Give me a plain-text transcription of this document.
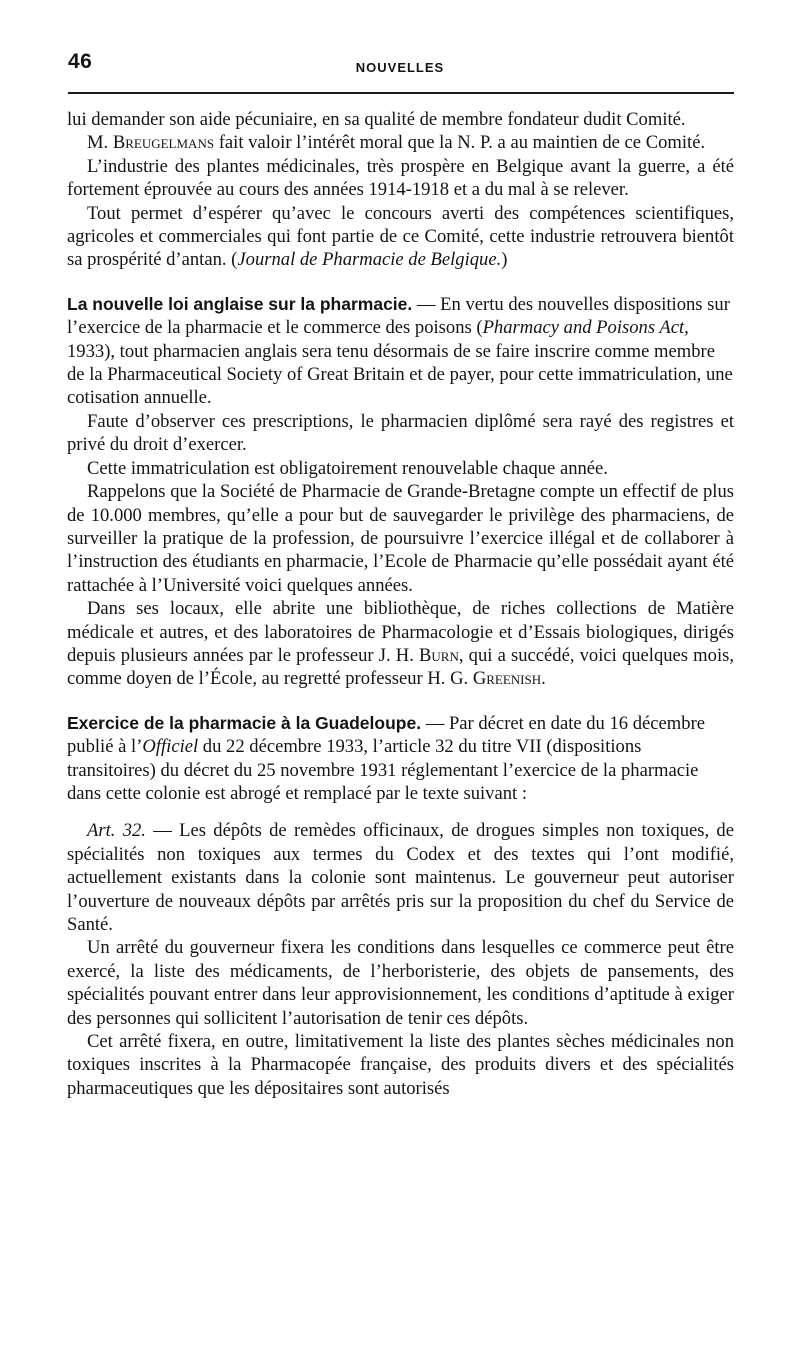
46	NOUVELLES

lui demander son aide pécuniaire, en sa qualité de membre fondateur dudit Comité.

M. Breugelmans fait valoir l’intérêt moral que la N. P. a au maintien de ce Comité.

L’industrie des plantes médicinales, très prospère en Belgique avant la guerre, a été fortement éprouvée au cours des années 1914-1918 et a du mal à se relever.

Tout permet d’espérer qu’avec le concours averti des compétences scientifiques, agricoles et commerciales qui font partie de ce Comité, cette industrie retrouvera bientôt sa prospérité d’antan. (Journal de Pharmacie de Belgique.)

La nouvelle loi anglaise sur la pharmacie. — En vertu des nouvelles dispositions sur l’exercice de la pharmacie et le commerce des poisons (Pharmacy and Poisons Act, 1933), tout pharmacien anglais sera tenu désormais de se faire inscrire comme membre de la Pharmaceutical Society of Great Britain et de payer, pour cette immatriculation, une cotisation annuelle.

Faute d’observer ces prescriptions, le pharmacien diplômé sera rayé des registres et privé du droit d’exercer.

Cette immatriculation est obligatoirement renouvelable chaque année.

Rappelons que la Société de Pharmacie de Grande-Bretagne compte un effectif de plus de 10.000 membres, qu’elle a pour but de sauvegarder le privilège des pharmaciens, de surveiller la pratique de la profession, de poursuivre l’exercice illégal et de collaborer à l’instruction des étudiants en pharmacie, l’Ecole de Pharmacie qu’elle possédait ayant été rattachée à l’Université voici quelques années.

Dans ses locaux, elle abrite une bibliothèque, de riches collections de Matière médicale et autres, et des laboratoires de Pharmacologie et d’Essais biologiques, dirigés depuis plusieurs années par le professeur J. H. Burn, qui a succédé, voici quelques mois, comme doyen de l’École, au regretté professeur H. G. Greenish.

Exercice de la pharmacie à la Guadeloupe. — Par décret en date du 16 décembre publié à l’Officiel du 22 décembre 1933, l’article 32 du titre VII (dispositions transitoires) du décret du 25 novembre 1931 réglementant l’exercice de la pharmacie dans cette colonie est abrogé et remplacé par le texte suivant :

Art. 32. — Les dépôts de remèdes officinaux, de drogues simples non toxiques, de spécialités non toxiques aux termes du Codex et des textes qui l’ont modifié, actuellement existants dans la colonie sont maintenus. Le gouverneur peut autoriser l’ouverture de nouveaux dépôts par arrêtés pris sur la proposition du chef du Service de Santé.

Un arrêté du gouverneur fixera les conditions dans lesquelles ce commerce peut être exercé, la liste des médicaments, de l’herboristerie, des objets de pansements, des spécialités pouvant entrer dans leur approvisionnement, les conditions d’aptitude à exiger des personnes qui sollicitent l’autorisation de tenir ces dépôts.

Cet arrêté fixera, en outre, limitativement la liste des plantes sèches médicinales non toxiques inscrites à la Pharmacopée française, des produits divers et des spécialités pharmaceutiques que les dépositaires sont autorisés
